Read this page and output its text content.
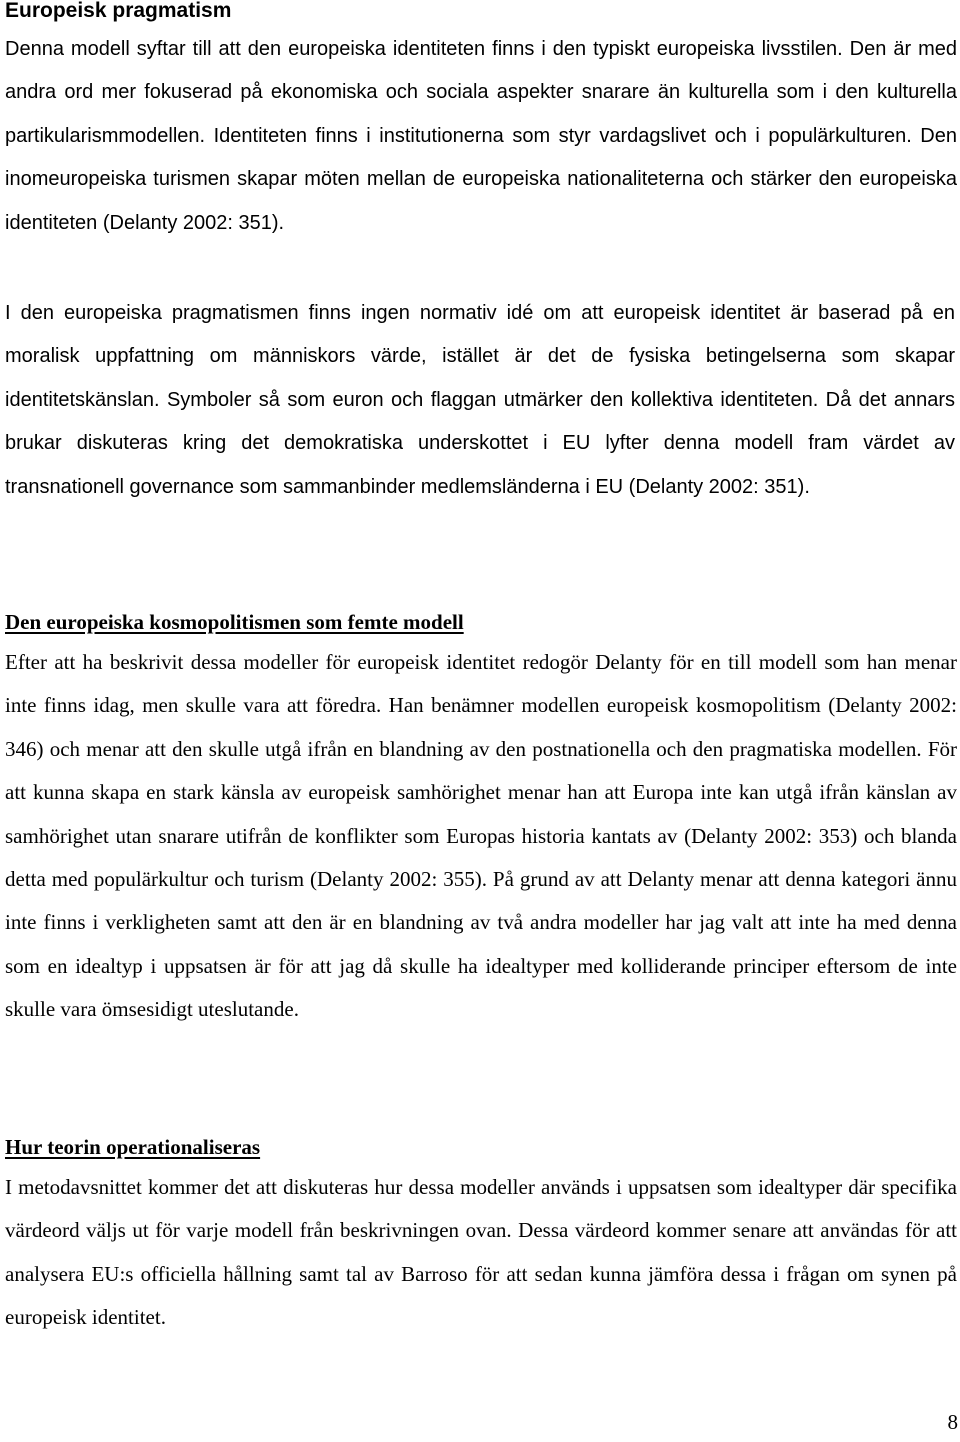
Europeisk pragmatism

Denna modell syftar till att den europeiska identiteten finns i den typiskt europeiska livsstilen. Den är med andra ord mer fokuserad på ekonomiska och sociala aspekter snarare än kulturella som i den kulturella partikularismmodellen. Identiteten finns i institutionerna som styr vardagslivet och i populärkulturen. Den inomeuropeiska turismen skapar möten mellan de europeiska nationaliteterna och stärker den europeiska identiteten (Delanty 2002: 351).

I den europeiska pragmatismen finns ingen normativ idé om att europeisk identitet är baserad på en moralisk uppfattning om människors värde, istället är det de fysiska betingelserna som skapar identitetskänslan. Symboler så som euron och flaggan utmärker den kollektiva identiteten. Då det annars brukar diskuteras kring det demokratiska underskottet i EU lyfter denna modell fram värdet av transnationell governance som sammanbinder medlemsländerna i EU (Delanty 2002: 351).

Den europeiska kosmopolitismen som femte modell

Efter att ha beskrivit dessa modeller för europeisk identitet redogör Delanty för en till modell som han menar inte finns idag, men skulle vara att föredra. Han benämner modellen europeisk kosmopolitism (Delanty 2002: 346) och menar att den skulle utgå ifrån en blandning av den postnationella och den pragmatiska modellen. För att kunna skapa en stark känsla av europeisk samhörighet menar han att Europa inte kan utgå ifrån känslan av samhörighet utan snarare utifrån de konflikter som Europas historia kantats av (Delanty 2002: 353) och blanda detta med populärkultur och turism (Delanty 2002: 355). På grund av att Delanty menar att denna kategori ännu inte finns i verkligheten samt att den är en blandning av två andra modeller har jag valt att inte ha med denna som en idealtyp i uppsatsen är för att jag då skulle ha idealtyper med kolliderande principer eftersom de inte skulle vara ömsesidigt uteslutande.

Hur teorin operationaliseras

I metodavsnittet kommer det att diskuteras hur dessa modeller används i uppsatsen som idealtyper där specifika värdeord väljs ut för varje modell från beskrivningen ovan. Dessa värdeord kommer senare att användas för att analysera EU:s officiella hållning samt tal av Barroso för att sedan kunna jämföra dessa i frågan om synen på europeisk identitet.

8
